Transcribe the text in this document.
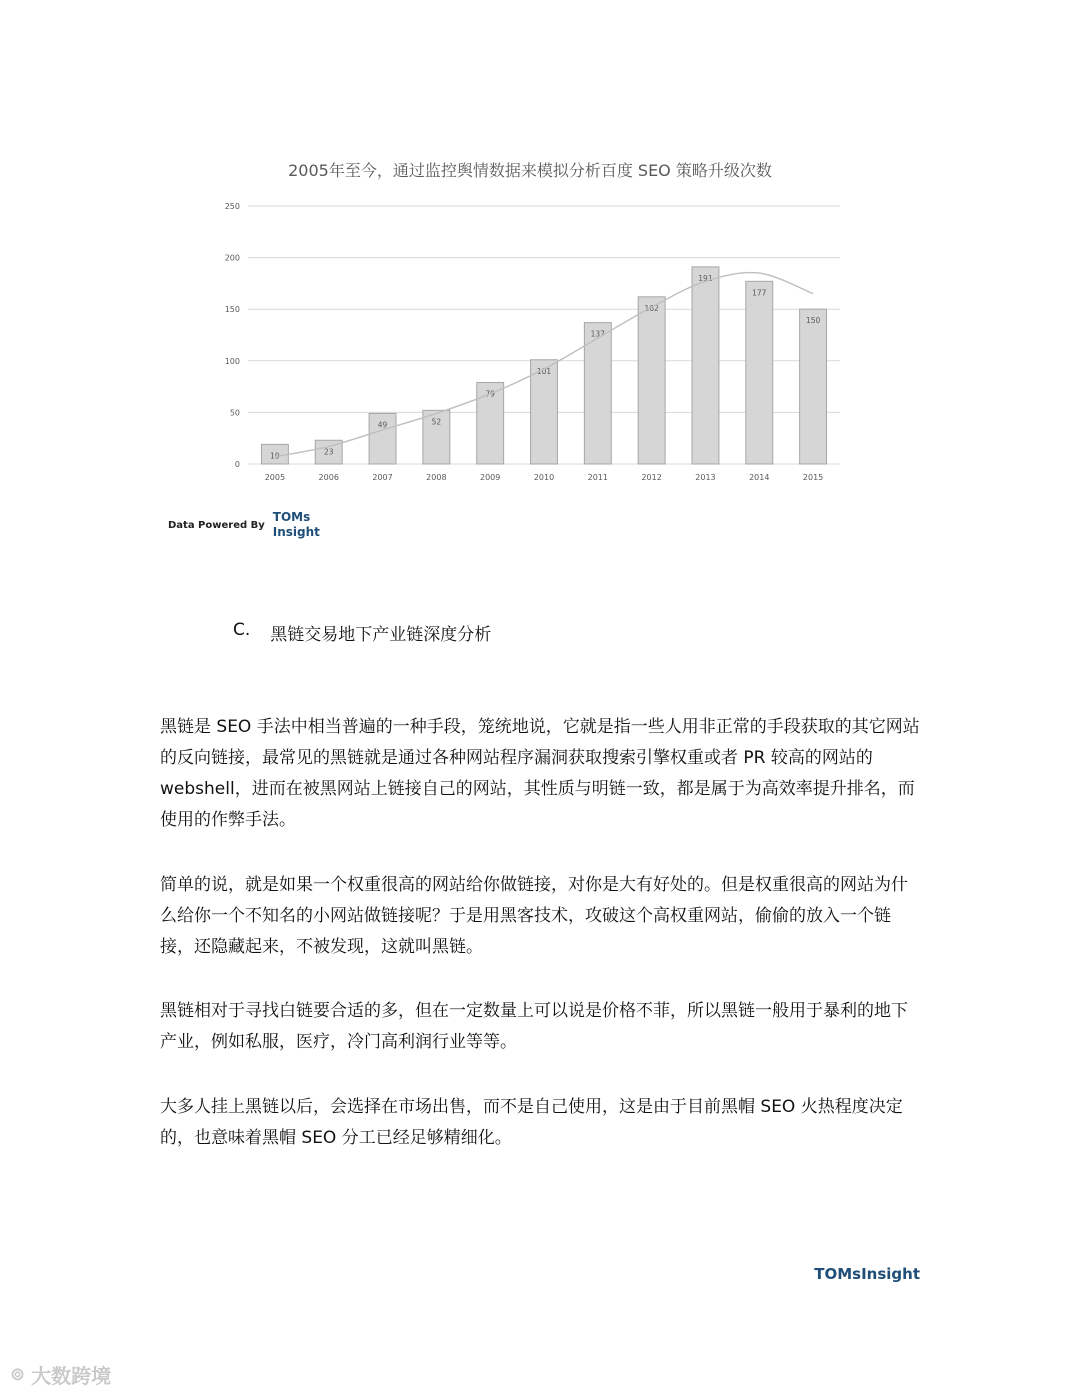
2005年至今，通过监控舆情数据来模拟分析百度 SEO 策略升级次数
0
50
100
150
200
250
19	23
49	52
79
101
137
162
191
177
150
2005	2006	2007	2008	2009	2010	2011	2012	2013	2014	2015
Data Powered By
TOMs
Insight
C. 黑链交易地下产业链深度分析

黑链是 SEO 手法中相当普遍的一种手段，笼统地说，它就是指一些人用非正常的手段获取的其它网站的反向链接，最常见的黑链就是通过各种网站程序漏洞获取搜索引擎权重或者 PR 较高的网站的 webshell，进而在被黑网站上链接自己的网站，其性质与明链一致，都是属于为高效率提升排名，而使用的作弊手法。

简单的说，就是如果一个权重很高的网站给你做链接，对你是大有好处的。但是权重很高的网站为什么给你一个不知名的小网站做链接呢？于是用黑客技术，攻破这个高权重网站，偷偷的放入一个链接，还隐藏起来，不被发现，这就叫黑链。

黑链相对于寻找白链要合适的多，但在一定数量上可以说是价格不菲，所以黑链一般用于暴利的地下产业，例如私服，医疗，冷门高利润行业等等。

大多人挂上黑链以后，会选择在市场出售，而不是自己使用，这是由于目前黑帽 SEO 火热程度决定的，也意味着黑帽 SEO 分工已经足够精细化。

TOMsInsight
⊚ 大数跨境
